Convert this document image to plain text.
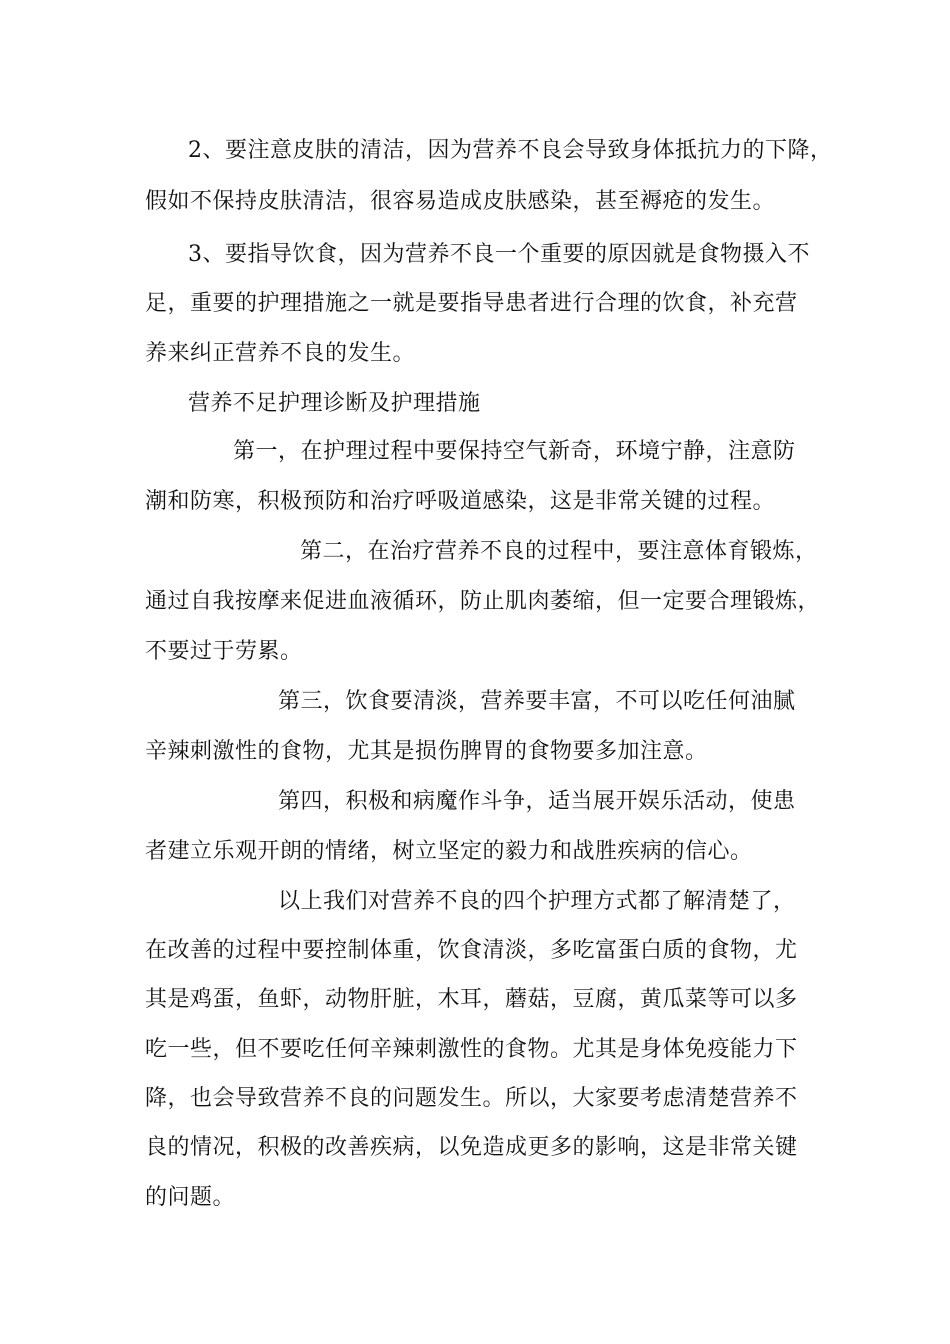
2、要注意皮肤的清洁，因为营养不良会导致身体抵抗力的下降，
假如不保持皮肤清洁，很容易造成皮肤感染，甚至褥疮的发生。
3、要指导饮食，因为营养不良一个重要的原因就是食物摄入不
足，重要的护理措施之一就是要指导患者进行合理的饮食，补充营
养来纠正营养不良的发生。
营养不足护理诊断及护理措施
第一，在护理过程中要保持空气新奇，环境宁静，注意防
潮和防寒，积极预防和治疗呼吸道感染，这是非常关键的过程。
第二，在治疗营养不良的过程中，要注意体育锻炼，
通过自我按摩来促进血液循环，防止肌肉萎缩，但一定要合理锻炼，
不要过于劳累。
第三，饮食要清淡，营养要丰富，不可以吃任何油腻
辛辣刺激性的食物，尤其是损伤脾胃的食物要多加注意。
第四，积极和病魔作斗争，适当展开娱乐活动，使患
者建立乐观开朗的情绪，树立坚定的毅力和战胜疾病的信心。
以上我们对营养不良的四个护理方式都了解清楚了，
在改善的过程中要控制体重，饮食清淡，多吃富蛋白质的食物，尤
其是鸡蛋，鱼虾，动物肝脏，木耳，蘑菇，豆腐，黄瓜菜等可以多
吃一些，但不要吃任何辛辣刺激性的食物。尤其是身体免疫能力下
降，也会导致营养不良的问题发生。所以，大家要考虑清楚营养不
良的情况，积极的改善疾病，以免造成更多的影响，这是非常关键
的问题。
